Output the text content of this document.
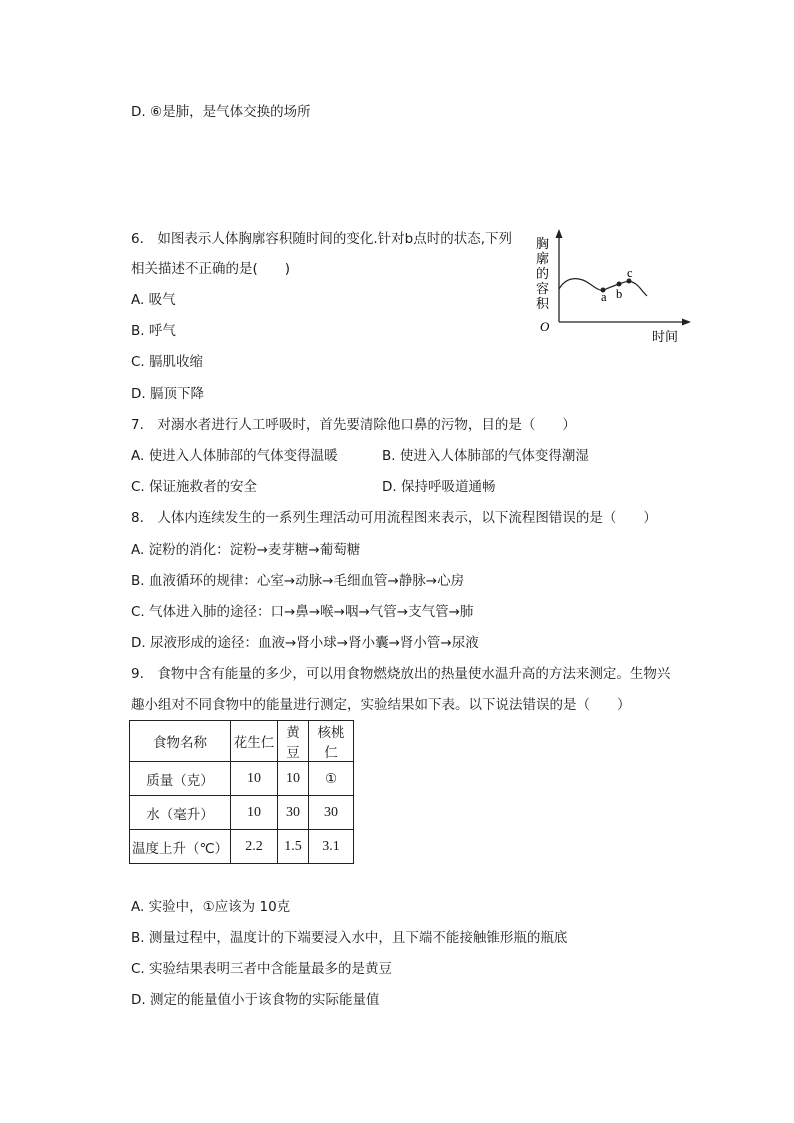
D. ⑥是肺，是气体交换的场所
6.　如图表示人体胸廓容积随时间的变化.针对b点时的状态,下列
相关描述不正确的是(　　)
A. 吸气
B. 呼气
C. 膈肌收缩
D. 膈顶下降
胸
廓
的
容
积
O
时间
a b
c
7.　对溺水者进行人工呼吸时，首先要清除他口鼻的污物，目的是（　　）
A. 使进入人体肺部的气体变得温暖	B. 使进入人体肺部的气体变得潮湿
C. 保证施救者的安全	D. 保持呼吸道通畅
8.　人体内连续发生的一系列生理活动可用流程图来表示，以下流程图错误的是（　　）
A. 淀粉的消化：淀粉→麦芽糖→葡萄糖
B. 血液循环的规律：心室→动脉→毛细血管→静脉→心房
C. 气体进入肺的途径：口→鼻→喉→咽→气管→支气管→肺
D. 尿液形成的途径：血液→肾小球→肾小囊→肾小管→尿液
9.　食物中含有能量的多少，可以用食物燃烧放出的热量使水温升高的方法来测定。生物兴
趣小组对不同食物中的能量进行测定，实验结果如下表。以下说法错误的是（　　）
食物名称	花生仁	黄豆	核桃仁
质量（克）	10	10	①
水（毫升）	10	30	30
温度上升（℃）	2.2	1.5	3.1
A. 实验中，①应该为 10克
B. 测量过程中，温度计的下端要浸入水中，且下端不能接触锥形瓶的瓶底
C. 实验结果表明三者中含能量最多的是黄豆
D. 测定的能量值小于该食物的实际能量值
